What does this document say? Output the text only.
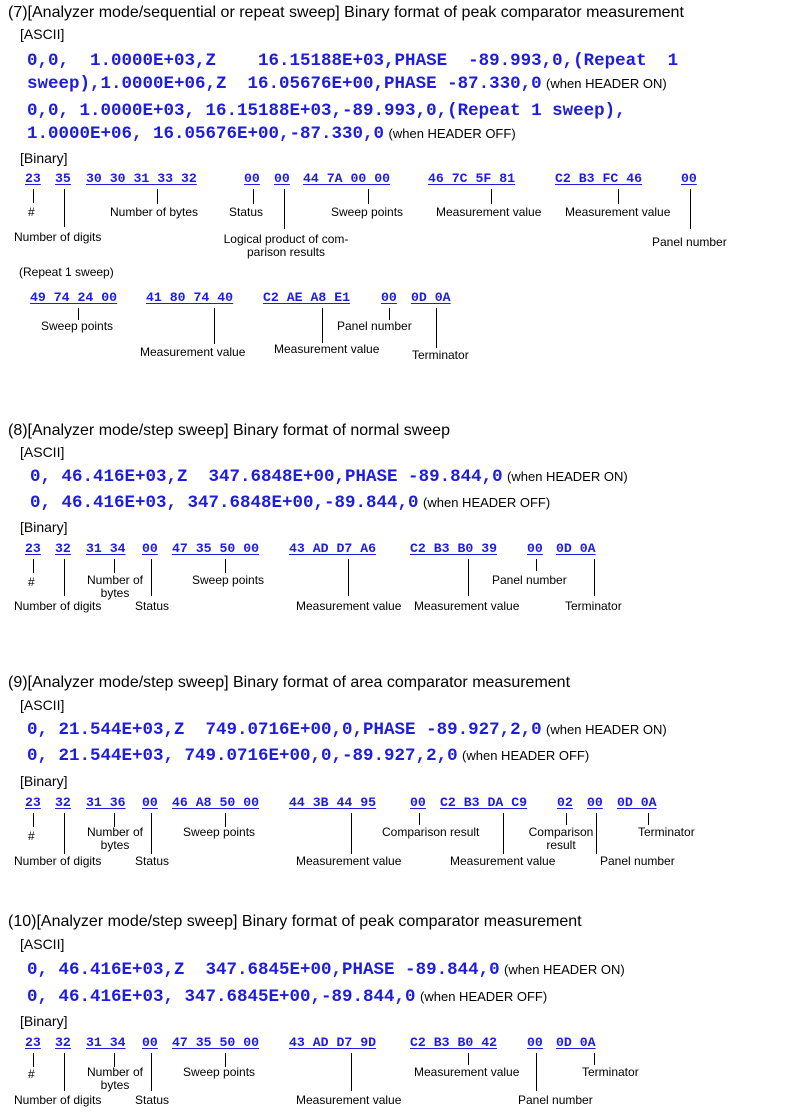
(7)[Analyzer mode/sequential or repeat sweep] Binary format of peak comparator measurement
[ASCII]
0,0,  1.0000E+03,Z    16.15188E+03,PHASE  -89.993,0,(Repeat  1
sweep),1.0000E+06,Z  16.05676E+00,PHASE -87.330,0 (when HEADER ON)
0,0, 1.0000E+03, 16.15188E+03,-89.993,0,(Repeat 1 sweep),
1.0000E+06, 16.05676E+00,-87.330,0 (when HEADER OFF)
[Binary]
23 35 30 30 31 33 32	00 00 44 7A 00 00	46 7C 5F 81	C2 B3 FC 46	00
#
Number of digits
Number of bytes	Status
Logical product of com-
parison results
Sweep points	Measurement value Measurement value
Panel number
(Repeat 1 sweep)
49 74 24 00 41 80 74 40 C2 AE A8 E1 00 0D 0A
Sweep points
Measurement value Measurement value
Panel number
Terminator
(8)[Analyzer mode/step sweep] Binary format of normal sweep
[ASCII]
0, 46.416E+03,Z  347.6848E+00,PHASE -89.844,0 (when HEADER ON)
0, 46.416E+03, 347.6848E+00,-89.844,0 (when HEADER OFF)
[Binary]
23 32 31 34 00 47 35 50 00 43 AD D7 A6	C2 B3 B0 39 00 0D 0A
#
Number of digits
Number of
bytes
Status
Sweep points
Measurement value Measurement value
Panel number
Terminator
(9)[Analyzer mode/step sweep] Binary format of area comparator measurement
[ASCII]
0, 21.544E+03,Z  749.0716E+00,0,PHASE -89.927,2,0 (when HEADER ON)
0, 21.544E+03, 749.0716E+00,0,-89.927,2,0 (when HEADER OFF)
[Binary]
23 32 31 36 00 46 A8 50 00 44 3B 44 95	00 C2 B3 DA C9 02 00 0D 0A
#
Number of digits
Number of
bytes
Status
Sweep points
Measurement value
Comparison result
Measurement value
Comparison
result
Panel number
Terminator
(10)[Analyzer mode/step sweep] Binary format of peak comparator measurement
[ASCII]
0, 46.416E+03,Z  347.6845E+00,PHASE -89.844,0 (when HEADER ON)
0, 46.416E+03, 347.6845E+00,-89.844,0 (when HEADER OFF)
[Binary]
23 32 31 34 00 47 35 50 00 43 AD D7 9D	C2 B3 B0 42 00 0D 0A
#
Number of digits
Number of
bytes
Status
Sweep points
Measurement value
Measurement value
Panel number
Terminator
